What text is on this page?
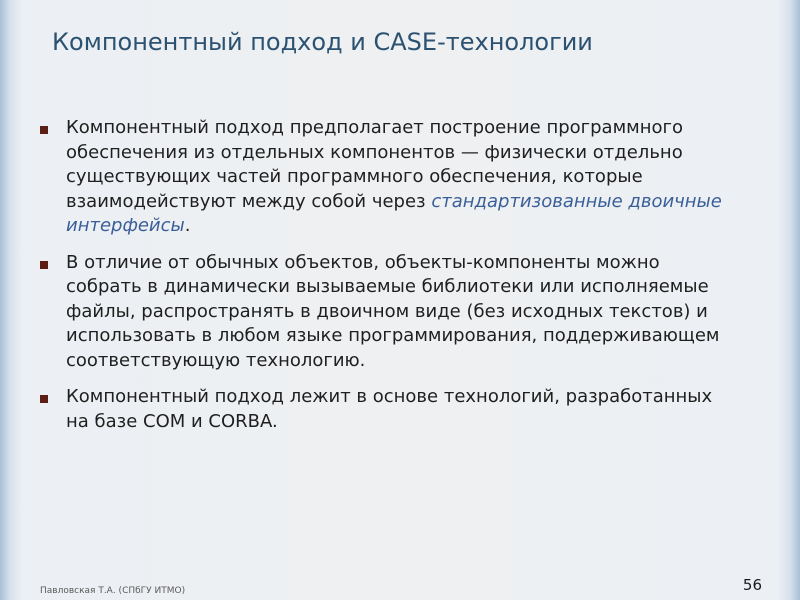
Компонентный подход и CASE-технологии
Компонентный подход предполагает построение программного обеспечения из отдельных компонентов — физически отдельно существующих частей программного обеспечения, которые взаимодействуют между собой через стандартизованные двоичные интерфейсы.
В отличие от обычных объектов, объекты-компоненты можно собрать в динамически вызываемые библиотеки или исполняемые файлы, распространять в двоичном виде (без исходных текстов) и использовать в любом языке программирования, поддерживающем соответствующую технологию.
Компонентный подход лежит в основе технологий, разработанных на базе COM и CORBA.
Павловская Т.А. (СПбГУ ИТМО)	56
